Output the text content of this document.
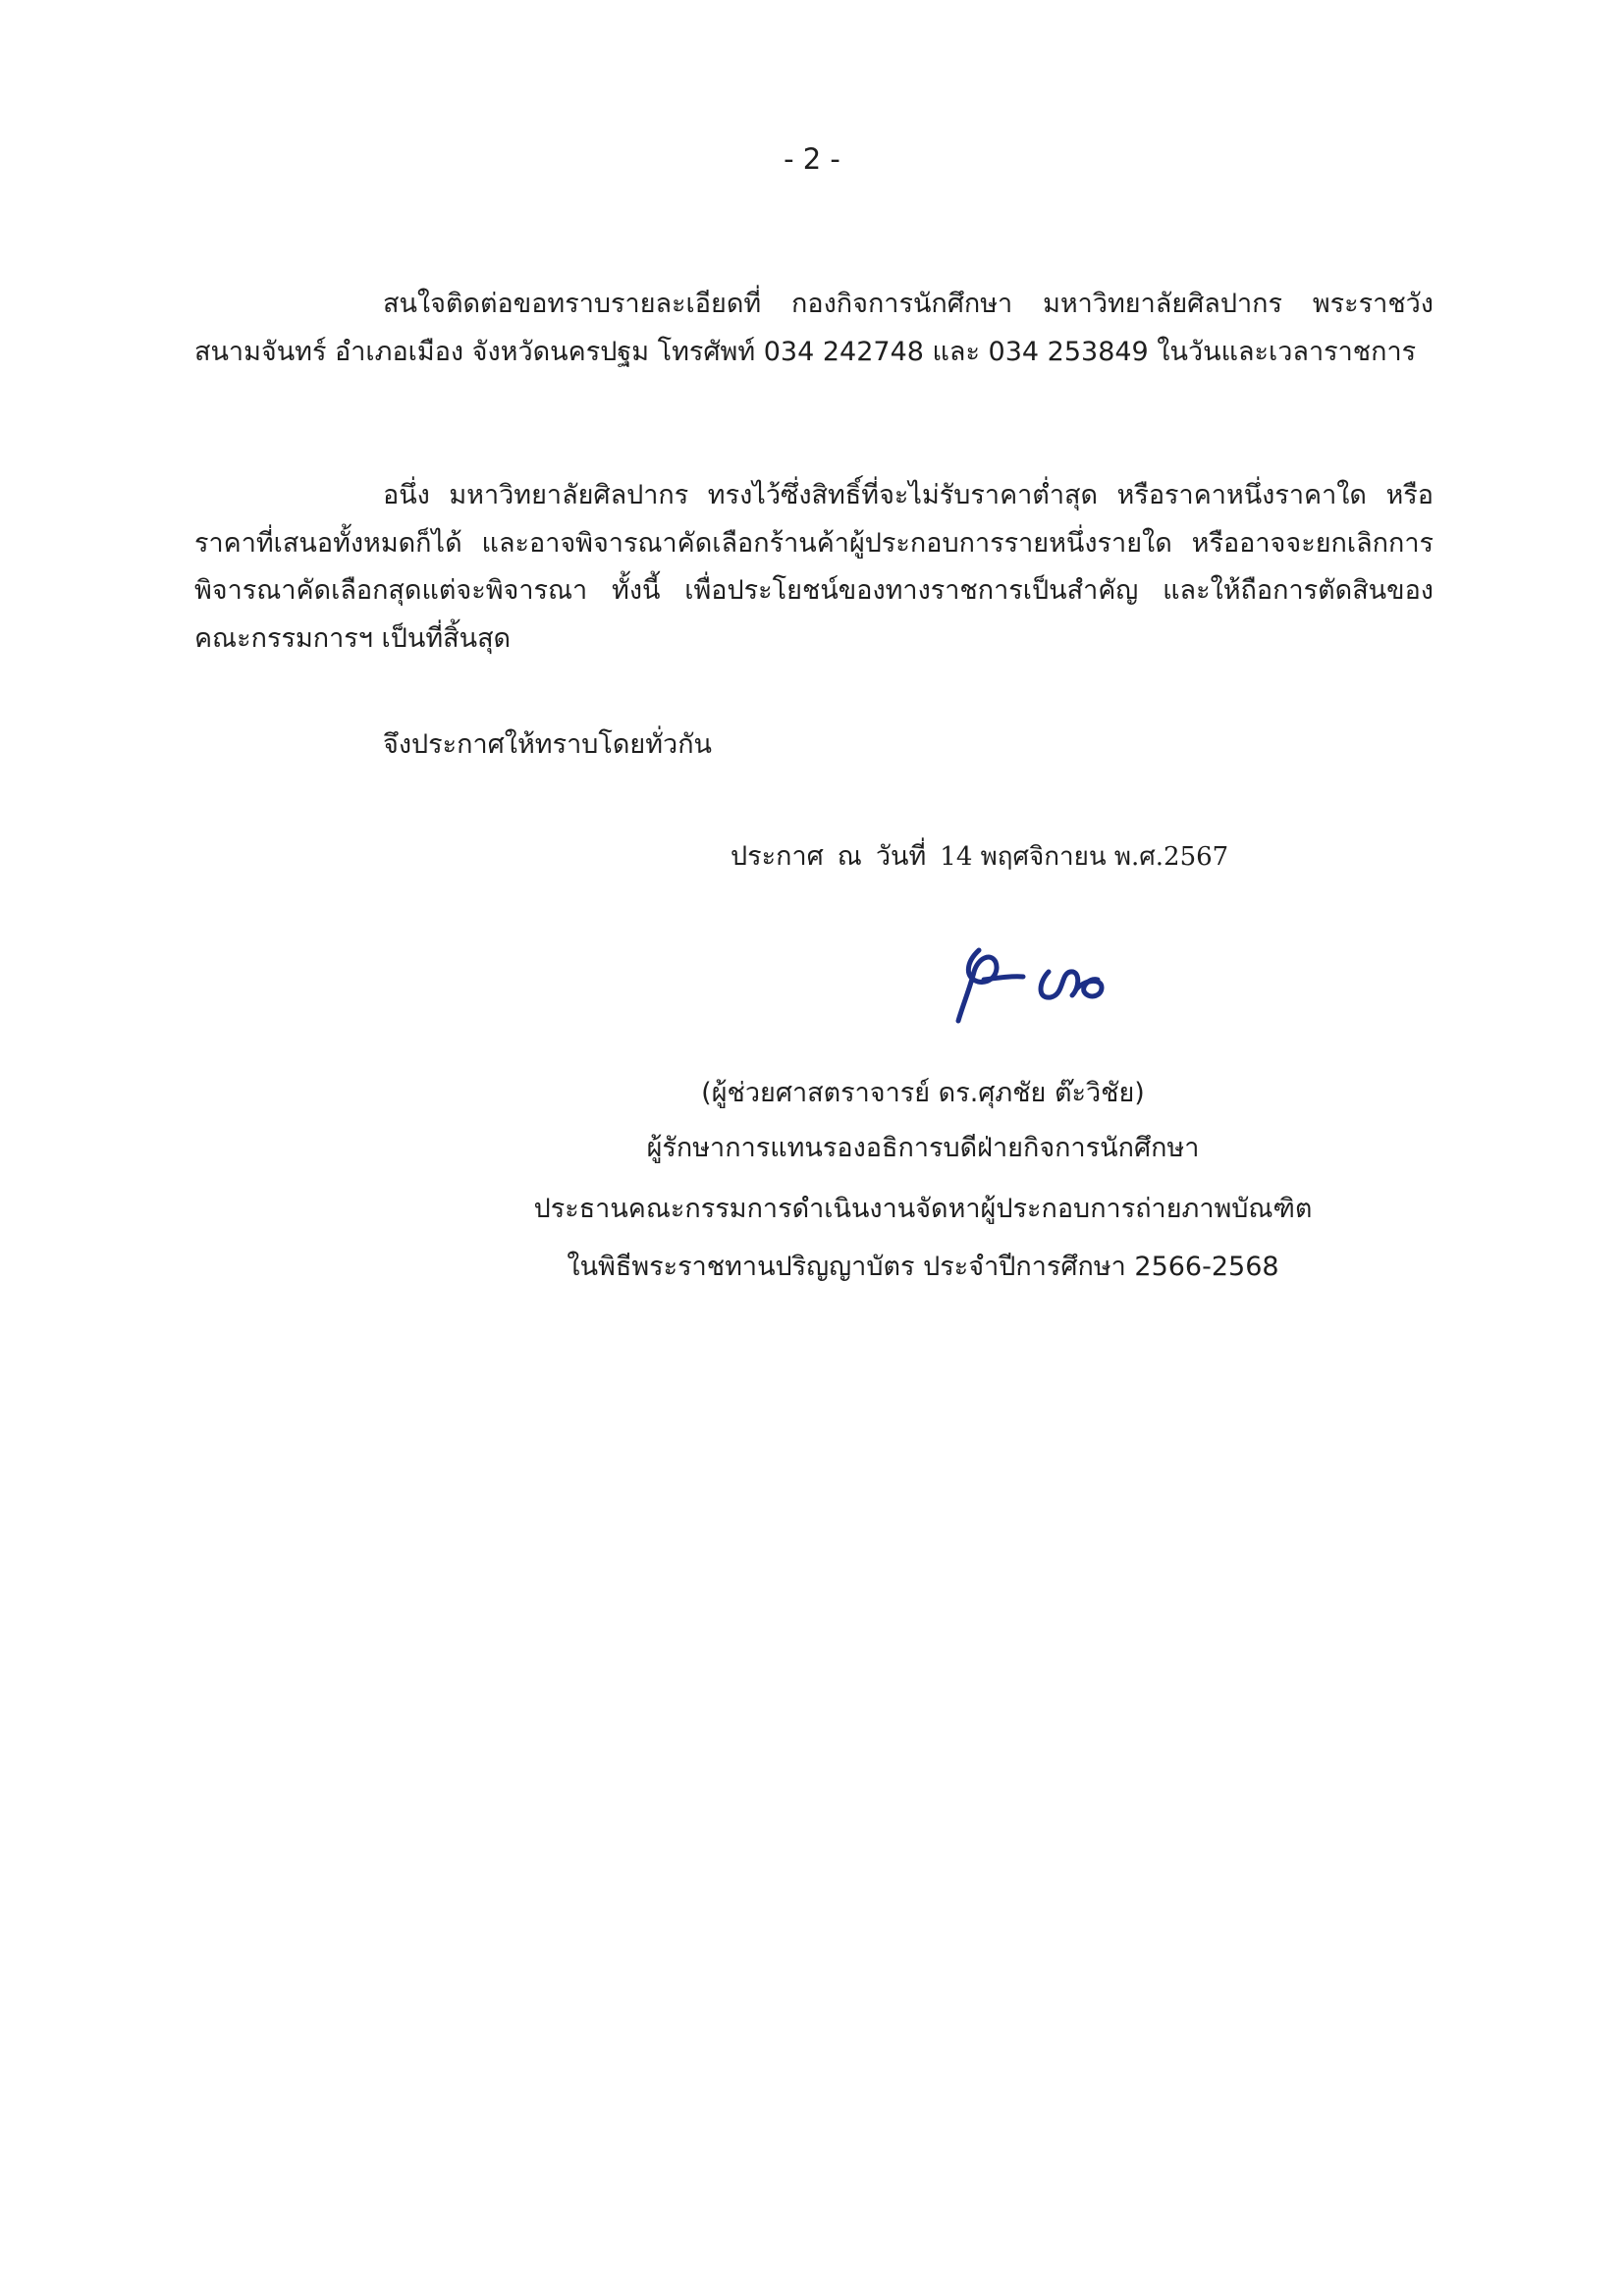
- 2 -

สนใจติดต่อขอทราบรายละเอียดที่ กองกิจการนักศึกษา มหาวิทยาลัยศิลปากร พระราชวังสนามจันทร์ อำเภอเมือง จังหวัดนครปฐม โทรศัพท์ 034 242748 และ 034 253849 ในวันและเวลาราชการ

อนึ่ง มหาวิทยาลัยศิลปากร ทรงไว้ซึ่งสิทธิ์ที่จะไม่รับราคาต่ำสุด หรือราคาหนึ่งราคาใด หรือราคาที่เสนอทั้งหมดก็ได้ และอาจพิจารณาคัดเลือกร้านค้าผู้ประกอบการรายหนึ่งรายใด หรืออาจจะยกเลิกการพิจารณาคัดเลือกสุดแต่จะพิจารณา ทั้งนี้ เพื่อประโยชน์ของทางราชการเป็นสำคัญ และให้ถือการตัดสินของคณะกรรมการฯ เป็นที่สิ้นสุด

จึงประกาศให้ทราบโดยทั่วกัน

ประกาศ ณ วันที่ 14 พฤศจิกายน พ.ศ.2567
(ผู้ช่วยศาสตราจารย์ ดร.ศุภชัย ต๊ะวิชัย)
ผู้รักษาการแทนรองอธิการบดีฝ่ายกิจการนักศึกษา
ประธานคณะกรรมการดำเนินงานจัดหาผู้ประกอบการถ่ายภาพบัณฑิต
ในพิธีพระราชทานปริญญาบัตร ประจำปีการศึกษา 2566-2568
